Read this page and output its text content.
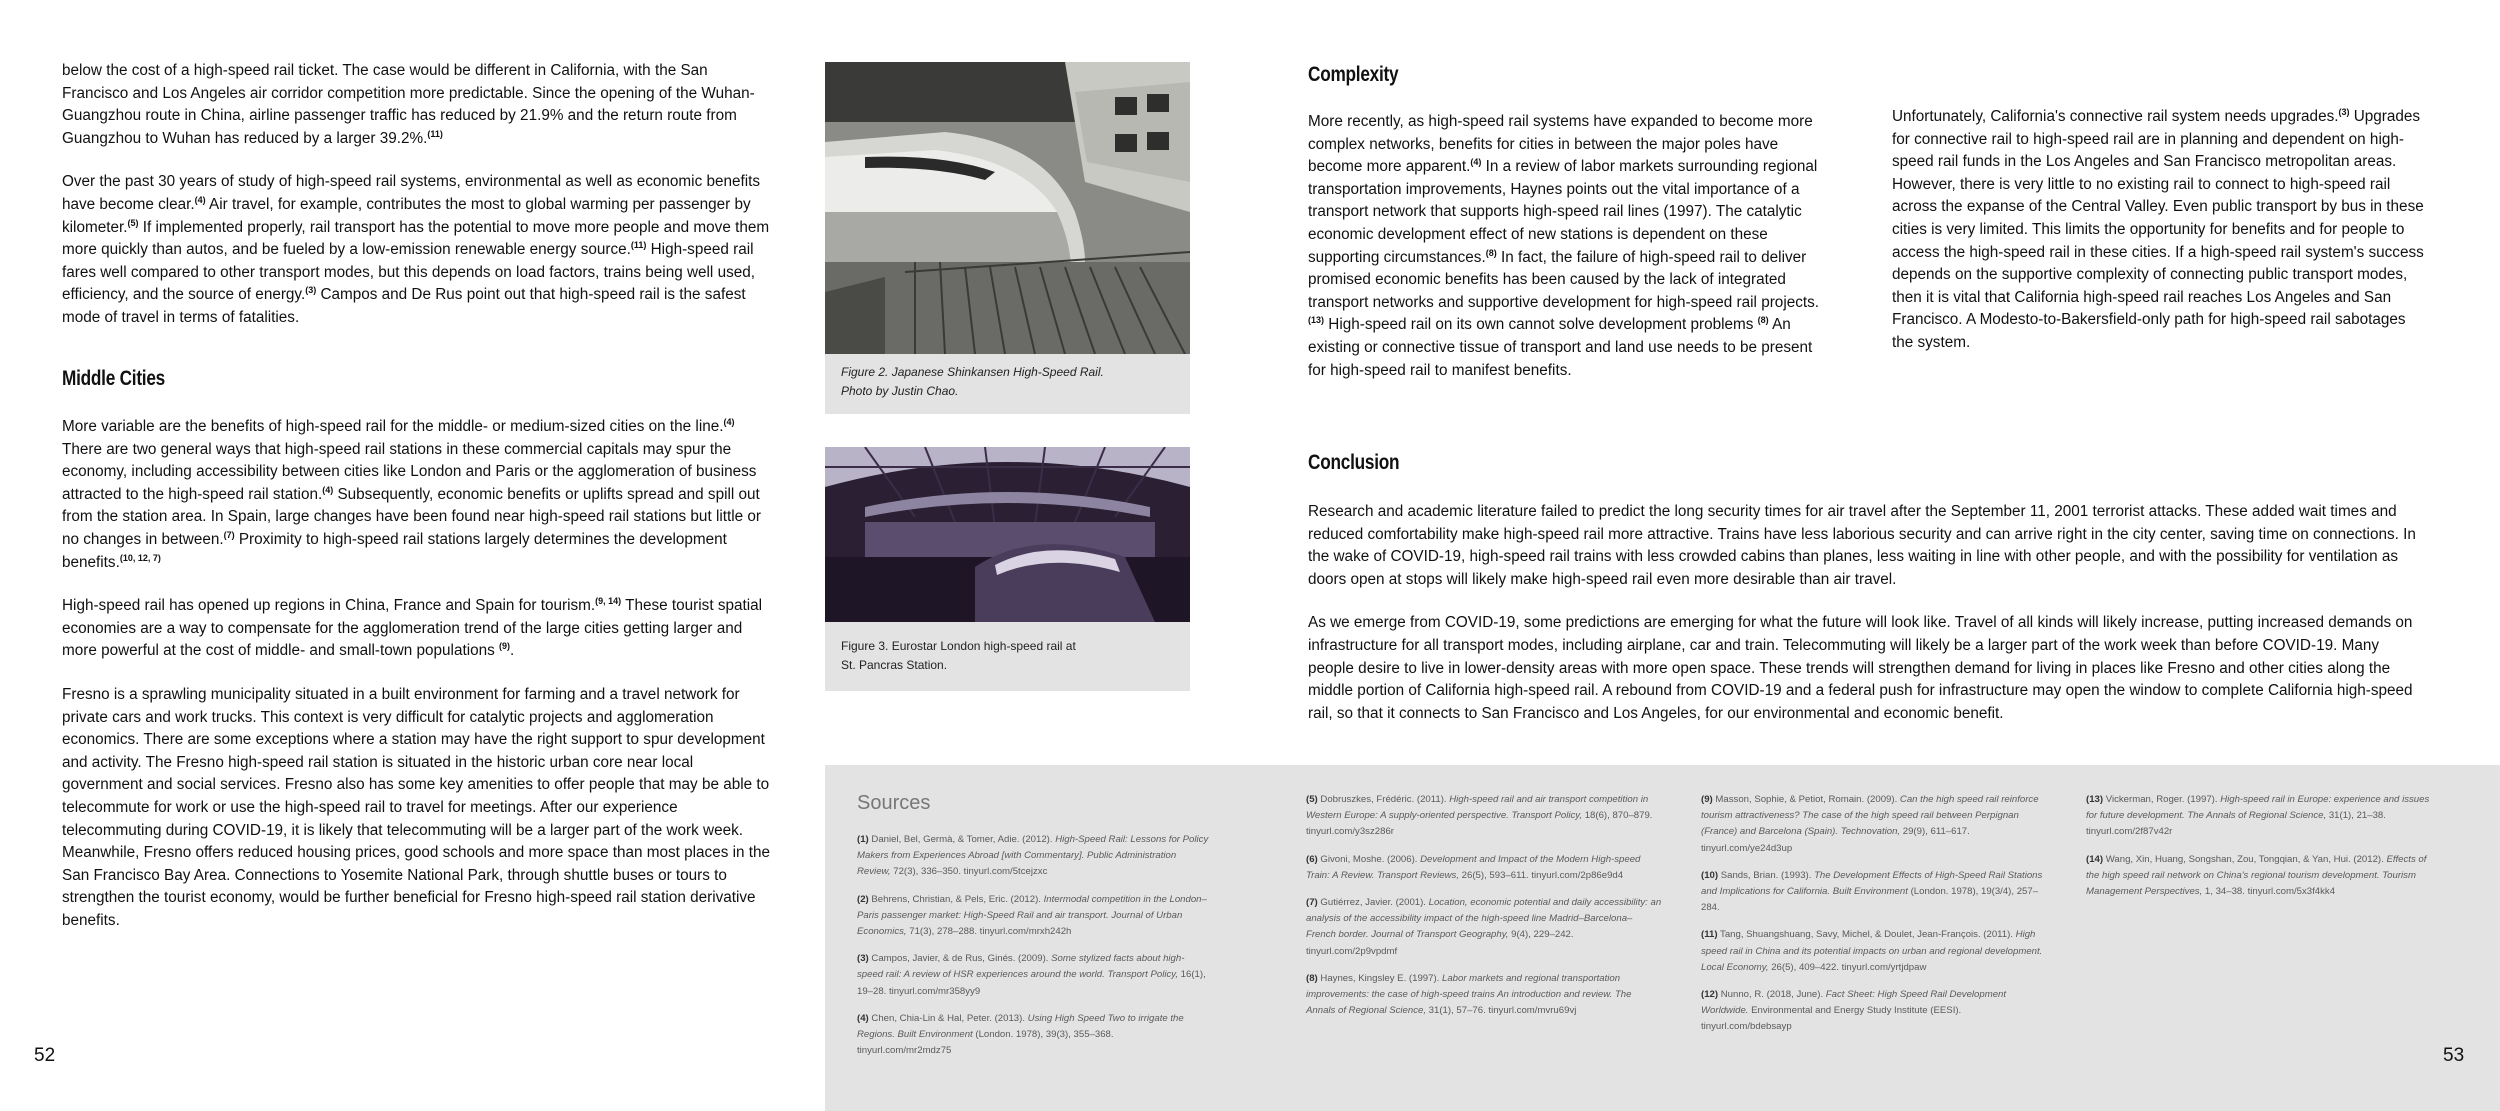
below the cost of a high-speed rail ticket. The case would be different in California, with the San Francisco and Los Angeles air corridor competition more predictable. Since the opening of the Wuhan-Guangzhou route in China, airline passenger traffic has reduced by 21.9% and the return route from Guangzhou to Wuhan has reduced by a larger 39.2%.$^{(11)}$

Over the past 30 years of study of high-speed rail systems, environmental as well as economic benefits have become clear.$^{(4)}$ Air travel, for example, contributes the most to global warming per passenger by kilometer.$^{(5)}$ If implemented properly, rail transport has the potential to move more people and move them more quickly than autos, and be fueled by a low-emission renewable energy source.$^{(11)}$ High-speed rail fares well compared to other transport modes, but this depends on load factors, trains being well used, efficiency, and the source of energy.$^{(3)}$ Campos and De Rus point out that high-speed rail is the safest mode of travel in terms of fatalities.

Middle Cities

More variable are the benefits of high-speed rail for the middle- or medium-sized cities on the line.$^{(4)}$ There are two general ways that high-speed rail stations in these commercial capitals may spur the economy, including accessibility between cities like London and Paris or the agglomeration of business attracted to the high-speed rail station.$^{(4)}$ Subsequently, economic benefits or uplifts spread and spill out from the station area. In Spain, large changes have been found near high-speed rail stations but little or no changes in between.$^{(7)}$ Proximity to high-speed rail stations largely determines the development benefits.$^{(10, 12, 7)}$

High-speed rail has opened up regions in China, France and Spain for tourism.$^{(9, 14)}$ These tourist spatial economies are a way to compensate for the agglomeration trend of the large cities getting larger and more powerful at the cost of middle- and small-town populations $^{(9)}$.

Fresno is a sprawling municipality situated in a built environment for farming and a travel network for private cars and work trucks. This context is very difficult for catalytic projects and agglomeration economics. There are some exceptions where a station may have the right support to spur development and activity. The Fresno high-speed rail station is situated in the historic urban core near local government and social services. Fresno also has some key amenities to offer people that may be able to telecommute for work or use the high-speed rail to travel for meetings. After our experience telecommuting during COVID-19, it is likely that telecommuting will be a larger part of the work week. Meanwhile, Fresno offers reduced housing prices, good schools and more space than most places in the San Francisco Bay Area. Connections to Yosemite National Park, through shuttle buses or tours to strengthen the tourist economy, would be further beneficial for Fresno high-speed rail station derivative benefits.

52
Figure 2. Japanese Shinkansen High-Speed Rail.
Photo by Justin Chao.
Figure 3. Eurostar London high-speed rail at
St. Pancras Station.
Complexity

More recently, as high-speed rail systems have expanded to become more complex networks, benefits for cities in between the major poles have become more apparent.$^{(4)}$ In a review of labor markets surrounding regional transportation improvements, Haynes points out the vital importance of a transport network that supports high-speed rail lines (1997). The catalytic economic development effect of new stations is dependent on these supporting circumstances.$^{(8)}$ In fact, the failure of high-speed rail to deliver promised economic benefits has been caused by the lack of integrated transport networks and supportive development for high-speed rail projects.$^{(13)}$ High-speed rail on its own cannot solve development problems $^{(8)}$ An existing or connective tissue of transport and land use needs to be present for high-speed rail to manifest benefits.

Unfortunately, California's connective rail system needs upgrades.$^{(3)}$ Upgrades for connective rail to high-speed rail are in planning and dependent on high-speed rail funds in the Los Angeles and San Francisco metropolitan areas. However, there is very little to no existing rail to connect to high-speed rail across the expanse of the Central Valley. Even public transport by bus in these cities is very limited. This limits the opportunity for benefits and for people to access the high-speed rail in these cities. If a high-speed rail system's success depends on the supportive complexity of connecting public transport modes, then it is vital that California high-speed rail reaches Los Angeles and San Francisco. A Modesto-to-Bakersfield-only path for high-speed rail sabotages the system.

Conclusion

Research and academic literature failed to predict the long security times for air travel after the September 11, 2001 terrorist attacks. These added wait times and reduced comfortability make high-speed rail more attractive. Trains have less laborious security and can arrive right in the city center, saving time on connections. In the wake of COVID-19, high-speed rail trains with less crowded cabins than planes, less waiting in line with other people, and with the possibility for ventilation as doors open at stops will likely make high-speed rail even more desirable than air travel.

As we emerge from COVID-19, some predictions are emerging for what the future will look like. Travel of all kinds will likely increase, putting increased demands on infrastructure for all transport modes, including airplane, car and train. Telecommuting will likely be a larger part of the work week than before COVID-19. Many people desire to live in lower-density areas with more open space. These trends will strengthen demand for living in places like Fresno and other cities along the middle portion of California high-speed rail. A rebound from COVID-19 and a federal push for infrastructure may open the window to complete California high-speed rail, so that it connects to San Francisco and Los Angeles, for our environmental and economic benefit.

Sources

(1) Daniel, Bel, Germà, & Tomer, Adie. (2012). High-Speed Rail: Lessons for Policy Makers from Experiences Abroad [with Commentary]. Public Administration Review, 72(3), 336–350. tinyurl.com/5tcejzxc

(2) Behrens, Christian, & Pels, Eric. (2012). Intermodal competition in the London–Paris passenger market: High-Speed Rail and air transport. Journal of Urban Economics, 71(3), 278–288. tinyurl.com/mrxh242h

(3) Campos, Javier, & de Rus, Ginés. (2009). Some stylized facts about high-speed rail: A review of HSR experiences around the world. Transport Policy, 16(1), 19–28. tinyurl.com/mr358yy9

(4) Chen, Chia-Lin & Hal, Peter. (2013). Using High Speed Two to irrigate the Regions. Built Environment (London. 1978), 39(3), 355–368. tinyurl.com/mr2mdz75

(5) Dobruszkes, Frédéric. (2011). High-speed rail and air transport competition in Western Europe: A supply-oriented perspective. Transport Policy, 18(6), 870–879. tinyurl.com/y3sz286r

(6) Givoni, Moshe. (2006). Development and Impact of the Modern High-speed Train: A Review. Transport Reviews, 26(5), 593–611. tinyurl.com/2p86e9d4

(7) Gutiérrez, Javier. (2001). Location, economic potential and daily accessibility: an analysis of the accessibility impact of the high-speed line Madrid–Barcelona–French border. Journal of Transport Geography, 9(4), 229–242. tinyurl.com/2p9vpdmf

(8) Haynes, Kingsley E. (1997). Labor markets and regional transportation improvements: the case of high-speed trains An introduction and review. The Annals of Regional Science, 31(1), 57–76. tinyurl.com/mvru69vj

(9) Masson, Sophie, & Petiot, Romain. (2009). Can the high speed rail reinforce tourism attractiveness? The case of the high speed rail between Perpignan (France) and Barcelona (Spain). Technovation, 29(9), 611–617. tinyurl.com/ye24d3up

(10) Sands, Brian. (1993). The Development Effects of High-Speed Rail Stations and Implications for California. Built Environment (London. 1978), 19(3/4), 257–284.

(11) Tang, Shuangshuang, Savy, Michel, & Doulet, Jean-François. (2011). High speed rail in China and its potential impacts on urban and regional development. Local Economy, 26(5), 409–422. tinyurl.com/yrtjdpaw

(12) Nunno, R. (2018, June). Fact Sheet: High Speed Rail Development Worldwide. Environmental and Energy Study Institute (EESI). tinyurl.com/bdebsayp

(13) Vickerman, Roger. (1997). High-speed rail in Europe: experience and issues for future development. The Annals of Regional Science, 31(1), 21–38. tinyurl.com/2f87v42r

(14) Wang, Xin, Huang, Songshan, Zou, Tongqian, & Yan, Hui. (2012). Effects of the high speed rail network on China's regional tourism development. Tourism Management Perspectives, 1, 34–38. tinyurl.com/5x3f4kk4

53
